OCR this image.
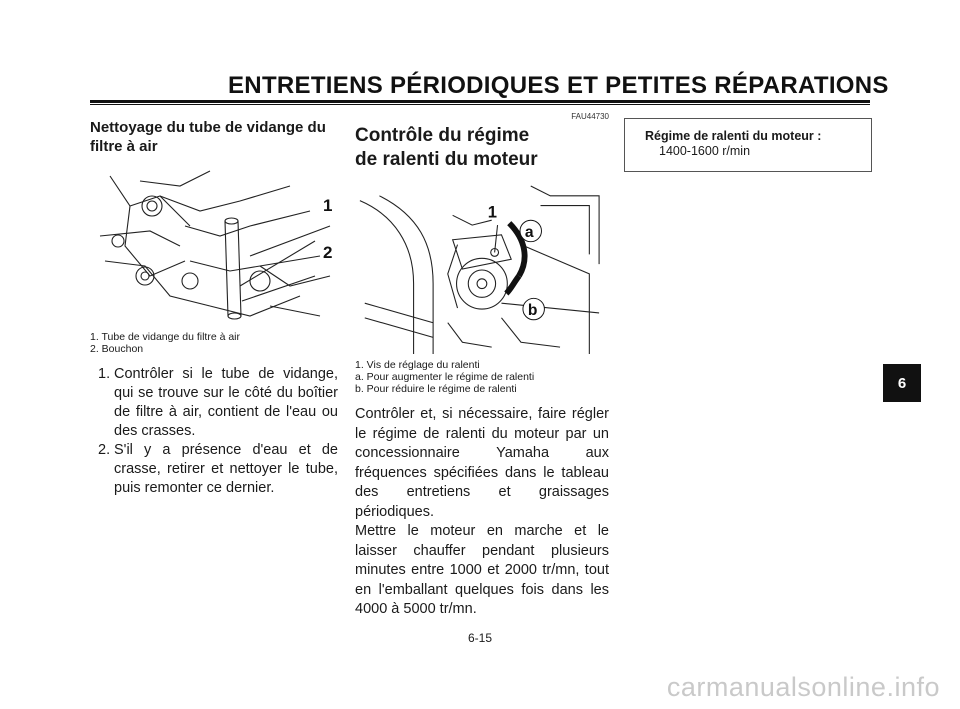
ENTRETIENS PÉRIODIQUES ET PETITES RÉPARATIONS

Nettoyage du tube de vidange du
filtre à air

1
2
1. Tube de vidange du filtre à air
2. Bouchon
1. Contrôler si le tube de vidange, qui se trouve sur le côté du boîtier de filtre à air, contient de l'eau ou des crasses.
2. S'il y a présence d'eau et de crasse, retirer et nettoyer le tube, puis remonter ce dernier.
FAU44730

Contrôle du régime
de ralenti du moteur

1
a
b
1. Vis de réglage du ralenti
a. Pour augmenter le régime de ralenti
b. Pour réduire le régime de ralenti

Contrôler et, si nécessaire, faire régler le régime de ralenti du moteur par un concessionnaire Yamaha aux fréquences spécifiées dans le tableau des entretiens et graissages périodiques.

Mettre le moteur en marche et le laisser chauffer pendant plusieurs minutes entre 1000 et 2000 tr/mn, tout en l'emballant quelques fois dans les 4000 à 5000 tr/mn.

Régime de ralenti du moteur :
1400-1600 r/min
6-15
6
carmanualsonline.info
